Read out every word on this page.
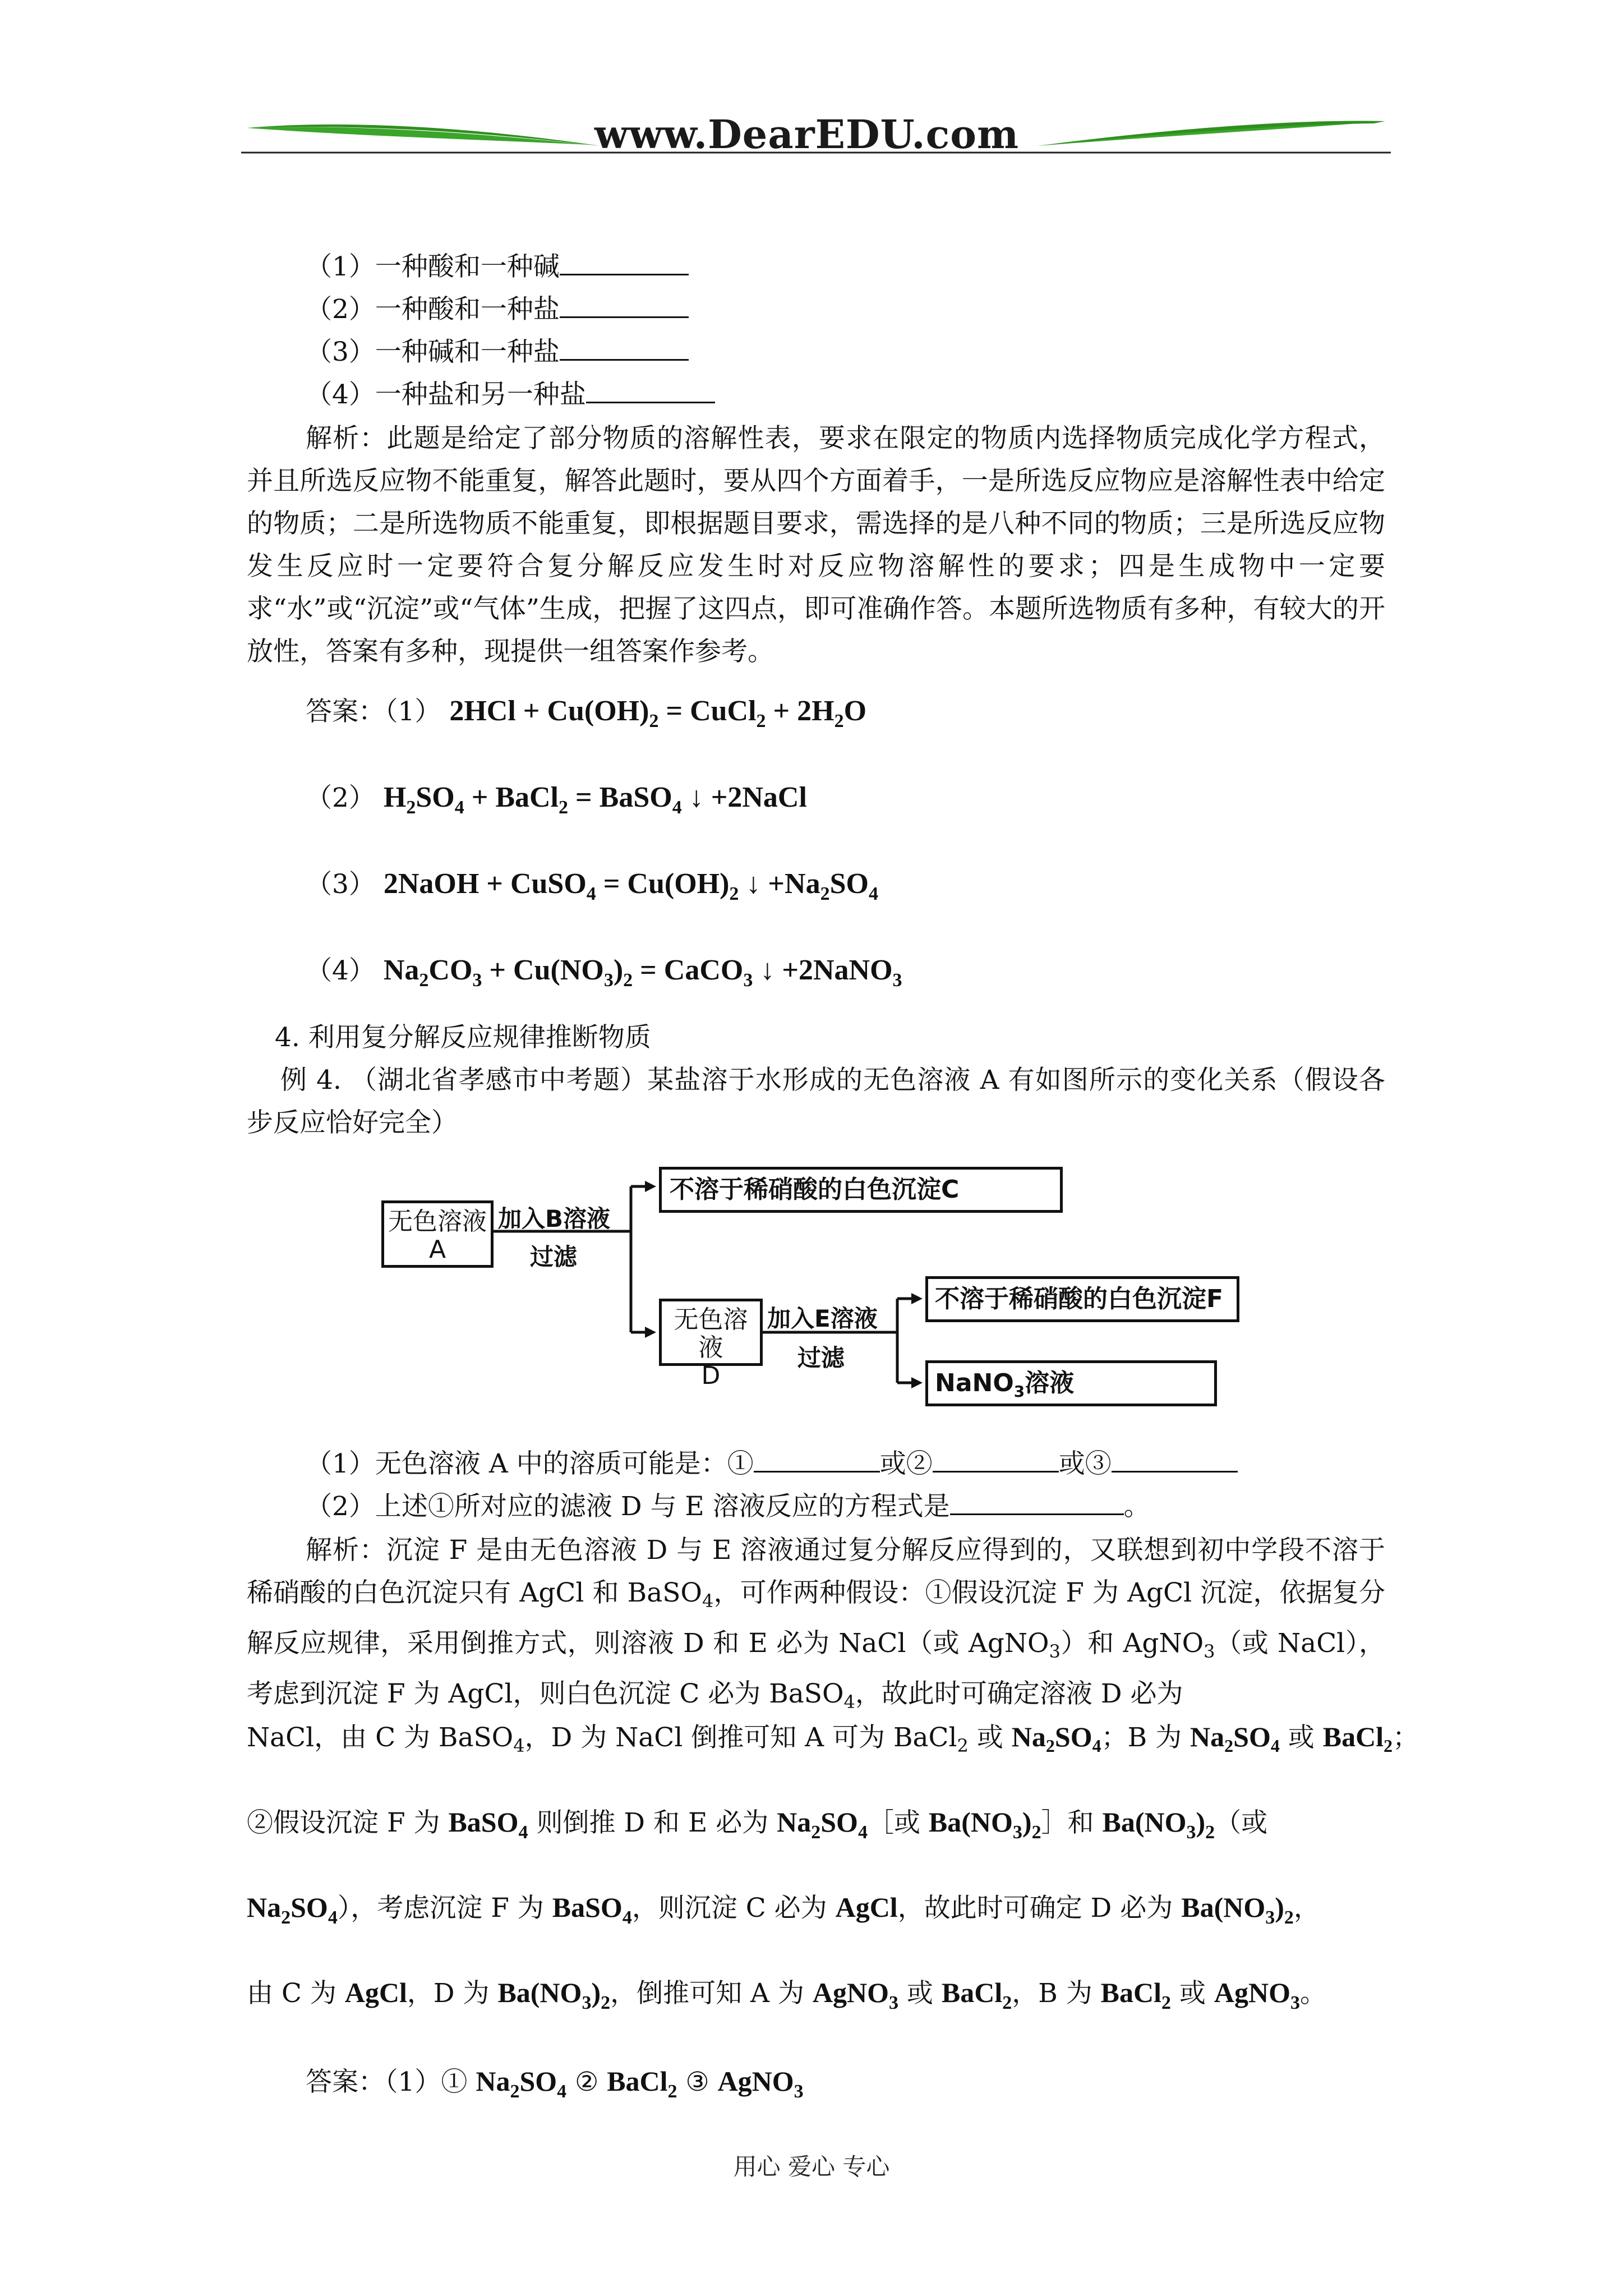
www.DearEDU.com
（1）一种酸和一种碱
（2）一种酸和一种盐
（3）一种碱和一种盐
（4）一种盐和另一种盐
解析：此题是给定了部分物质的溶解性表，要求在限定的物质内选择物质完成化学方程式，并且所选反应物不能重复，解答此题时，要从四个方面着手，一是所选反应物应是溶解性表中给定的物质；二是所选物质不能重复，即根据题目要求，需选择的是八种不同的物质；三是所选反应物发生反应时一定要符合复分解反应发生时对反应物溶解性的要求；四是生成物中一定要求“水”或“沉淀”或“气体”生成，把握了这四点，即可准确作答。本题所选物质有多种，有较大的开放性，答案有多种，现提供一组答案作参考。
答案：（1） $2HCl + Cu(OH)_2$ = CuCl$_2$ + $2H_2O$
（2） $H_2SO_4$ + BaCl$_2$ = BaSO$_4$ ↓ +2NaCl
（3） 2NaOH + CuSO$_4$ = $Cu(OH)_2$ ↓ $+Na_2SO_4$
（4） $Na_2CO_3 + Cu(NO_3)_2$ = CaCO$_3$ ↓ +2NaNO$_3$
4. 利用复分解反应规律推断物质
例 4. （湖北省孝感市中考题）某盐溶于水形成的无色溶液 A 有如图所示的变化关系（假设各步反应恰好完全）
无色溶液
A
加入B溶液
过滤
不溶于稀硝酸的白色沉淀C
无色溶液
D
加入E溶液
过滤
不溶于稀硝酸的白色沉淀F
NaNO$_3$溶液
（1）无色溶液 A 中的溶质可能是：①	或②	或③
（2）上述①所对应的滤液 D 与 E 溶液反应的方程式是	。
解析：沉淀 F 是由无色溶液 D 与 E 溶液通过复分解反应得到的，又联想到初中学段不溶于稀硝酸的白色沉淀只有 AgCl 和 BaSO$_4$，可作两种假设：①假设沉淀 F 为 AgCl 沉淀，依据复分解反应规律，采用倒推方式，则溶液 D 和 E 必为 NaCl（或 AgNO$_3$）和 AgNO$_3$（或 NaCl），考虑到沉淀 F 为 AgCl，则白色沉淀 C 必为 BaSO$_4$，故此时可确定溶液 D 必为
NaCl，由 C 为 BaSO$_4$，D 为 NaCl 倒推可知 A 可为 BaCl$_2$ 或 $Na_2SO_4$；B 为 $Na_2SO_4$ 或 BaCl$_2$；
②假设沉淀 F 为 BaSO$_4$ 则倒推 D 和 E 必为 $Na_2SO_4[$或 $Ba(NO_3)_2]$和 $Ba(NO_3)_2$（或
$Na_2SO_4$），考虑沉淀 F 为 BaSO$_4$，则沉淀 C 必为 AgCl，故此时可确定 D 必为 $Ba(NO_3)_2$，
由 C 为 AgCl，D 为 $Ba(NO_3)_2$，倒推可知 A 为 AgNO$_3$ 或 BaCl$_2$，B 为 BaCl$_2$ 或 AgNO$_3$。
答案：（1）① $Na_2SO_4$ ② BaCl$_2$ ③ AgNO$_3$
用心 爱心 专心
